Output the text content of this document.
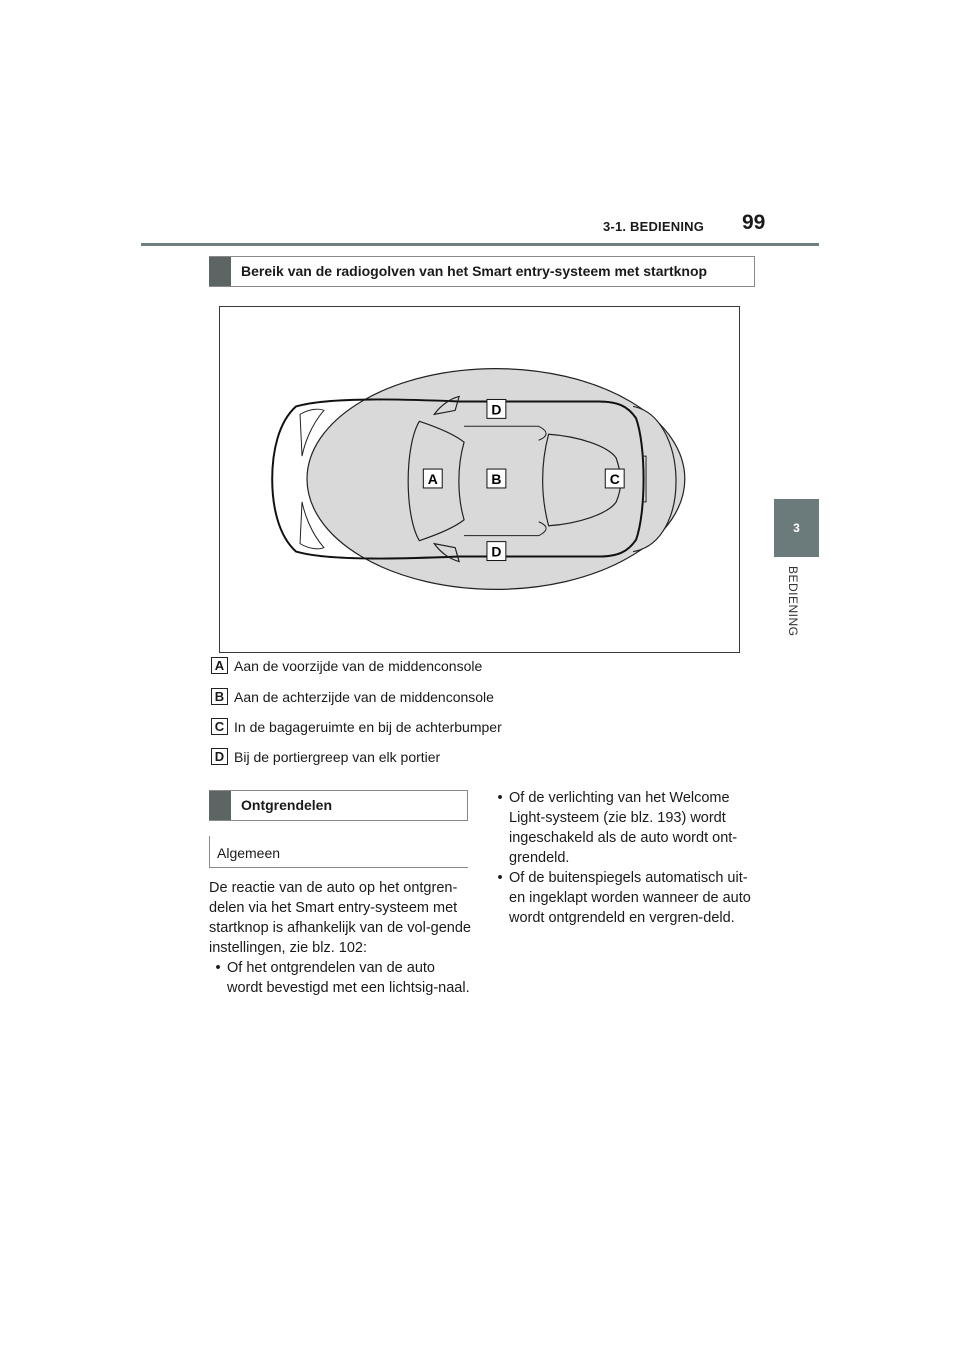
3-1. BEDIENING 99
3
BEDIENING
Bereik van de radiogolven van het Smart entry-systeem met startknop
D
A	B	C
D
A Aan de voorzijde van de middenconsole
B Aan de achterzijde van de middenconsole
C In de bagageruimte en bij de achterbumper
D Bij de portiergreep van elk portier
Ontgrendelen
Algemeen

De reactie van de auto op het ontgren-delen via het Smart entry-systeem met startknop is afhankelijk van de vol-gende instellingen, zie blz. 102:

• Of het ontgrendelen van de auto wordt bevestigd met een lichtsig-naal.
• Of de verlichting van het Welcome Light-systeem (zie blz. 193) wordt ingeschakeld als de auto wordt ont-grendeld.
• Of de buitenspiegels automatisch uit- en ingeklapt worden wanneer de auto wordt ontgrendeld en vergren-deld.
